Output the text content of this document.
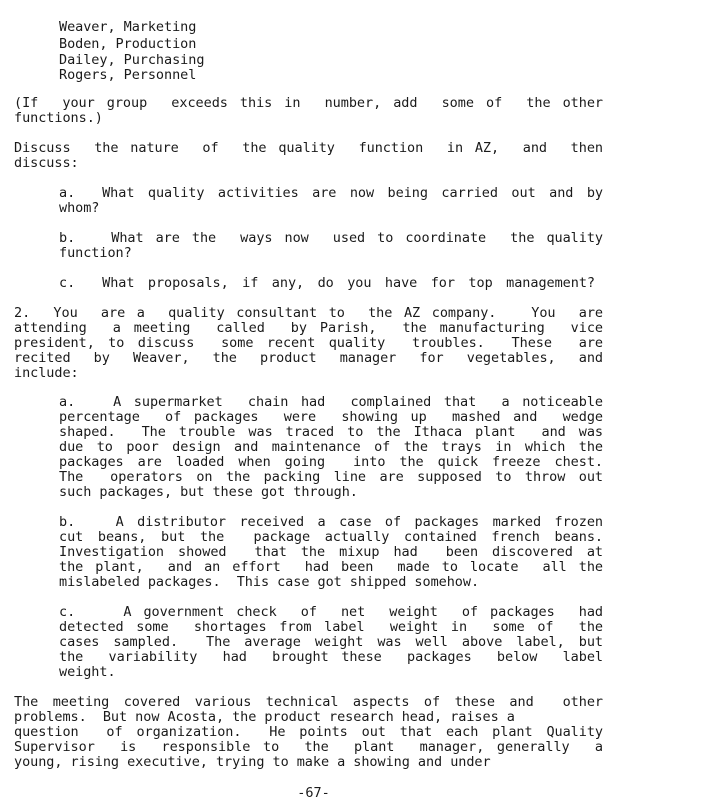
Weaver, Marketing
Boden, Production
Dailey, Purchasing
Rogers, Personnel
(If  your group  exceeds this in  number, add  some of  the other
functions.)
Discuss  the nature  of  the quality  function  in AZ,  and  then
discuss:
a.  What quality activities are now being carried out and by
whom?
b.   What are the  ways now  used to coordinate  the quality
function?
c.  What proposals, if any, do you have for top management?
2.  You  are a  quality consultant to  the AZ company.   You  are
attending  a meeting  called  by Parish,  the manufacturing  vice
president, to discuss  some recent quality  troubles.  These  are
recited  by  Weaver,  the  product  manager  for  vegetables,  and
include:
a.   A supermarket  chain had  complained that  a noticeable
percentage  of packages  were  showing up  mashed and  wedge
shaped.  The trouble was traced to the Ithaca plant  and was
due to poor design and maintenance of the trays in which the
packages are loaded when going  into the quick freeze chest.
The  operators on the packing line are supposed to throw out
such packages, but these got through.
b.   A distributor received a case of packages marked frozen
cut beans, but the  package actually contained french beans.
Investigation showed  that the mixup had  been discovered at
the plant,  and an effort  had been  made to locate  all the
mislabeled packages.  This case got shipped somehow.
c.    A government check  of  net  weight  of packages  had
detected some  shortages from label  weight in  some of  the
cases sampled.  The average weight was well above label, but
the  variability  had  brought these  packages  below  label
weight.
The meeting covered various technical aspects of these and  other
problems.  But now Acosta, the product research head, raises a
question  of organization.  He points out that each plant Quality
Supervisor  is  responsible to  the  plant  manager, generally  a
young, rising executive, trying to make a showing and under
-67-
